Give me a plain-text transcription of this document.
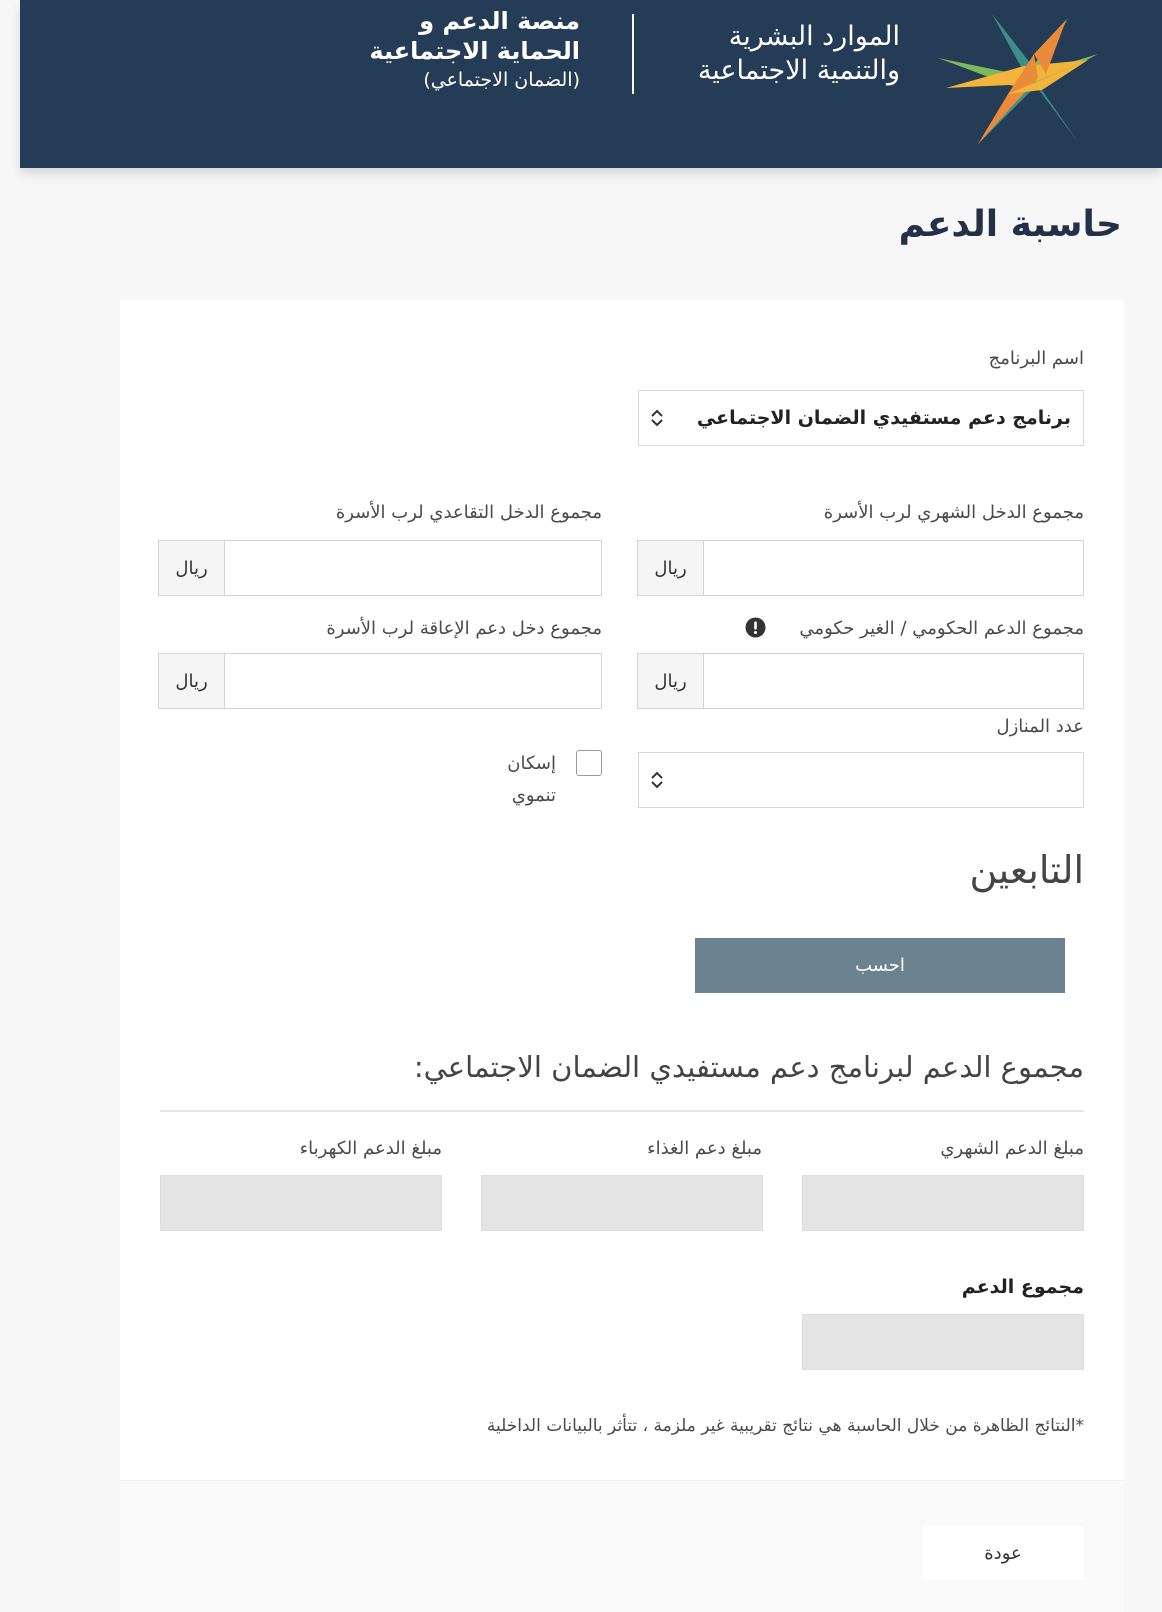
الموارد البشرية
والتنمية الاجتماعية
منصة الدعم و
الحماية الاجتماعية
(الضمان الاجتماعي)
حاسبة الدعم
اسم البرنامج
برنامج دعم مستفيدي الضمان الاجتماعي
مجموع الدخل الشهري لرب الأسرة
مجموع الدخل التقاعدي لرب الأسرة
ريال
ريال
مجموع الدعم الحكومي / الغير حكومي
مجموع دخل دعم الإعاقة لرب الأسرة
ريال
ريال
عدد المنازل
إسكان
تنموي
التابعين
احسب
مجموع الدعم لبرنامج دعم مستفيدي الضمان الاجتماعي:
مبلغ الدعم الشهري
مبلغ دعم الغذاء
مبلغ الدعم الكهرباء
مجموع الدعم
*النتائج الظاهرة من خلال الحاسبة هي نتائج تقريبية غير ملزمة ، تتأثر بالبيانات الداخلية
عودة
